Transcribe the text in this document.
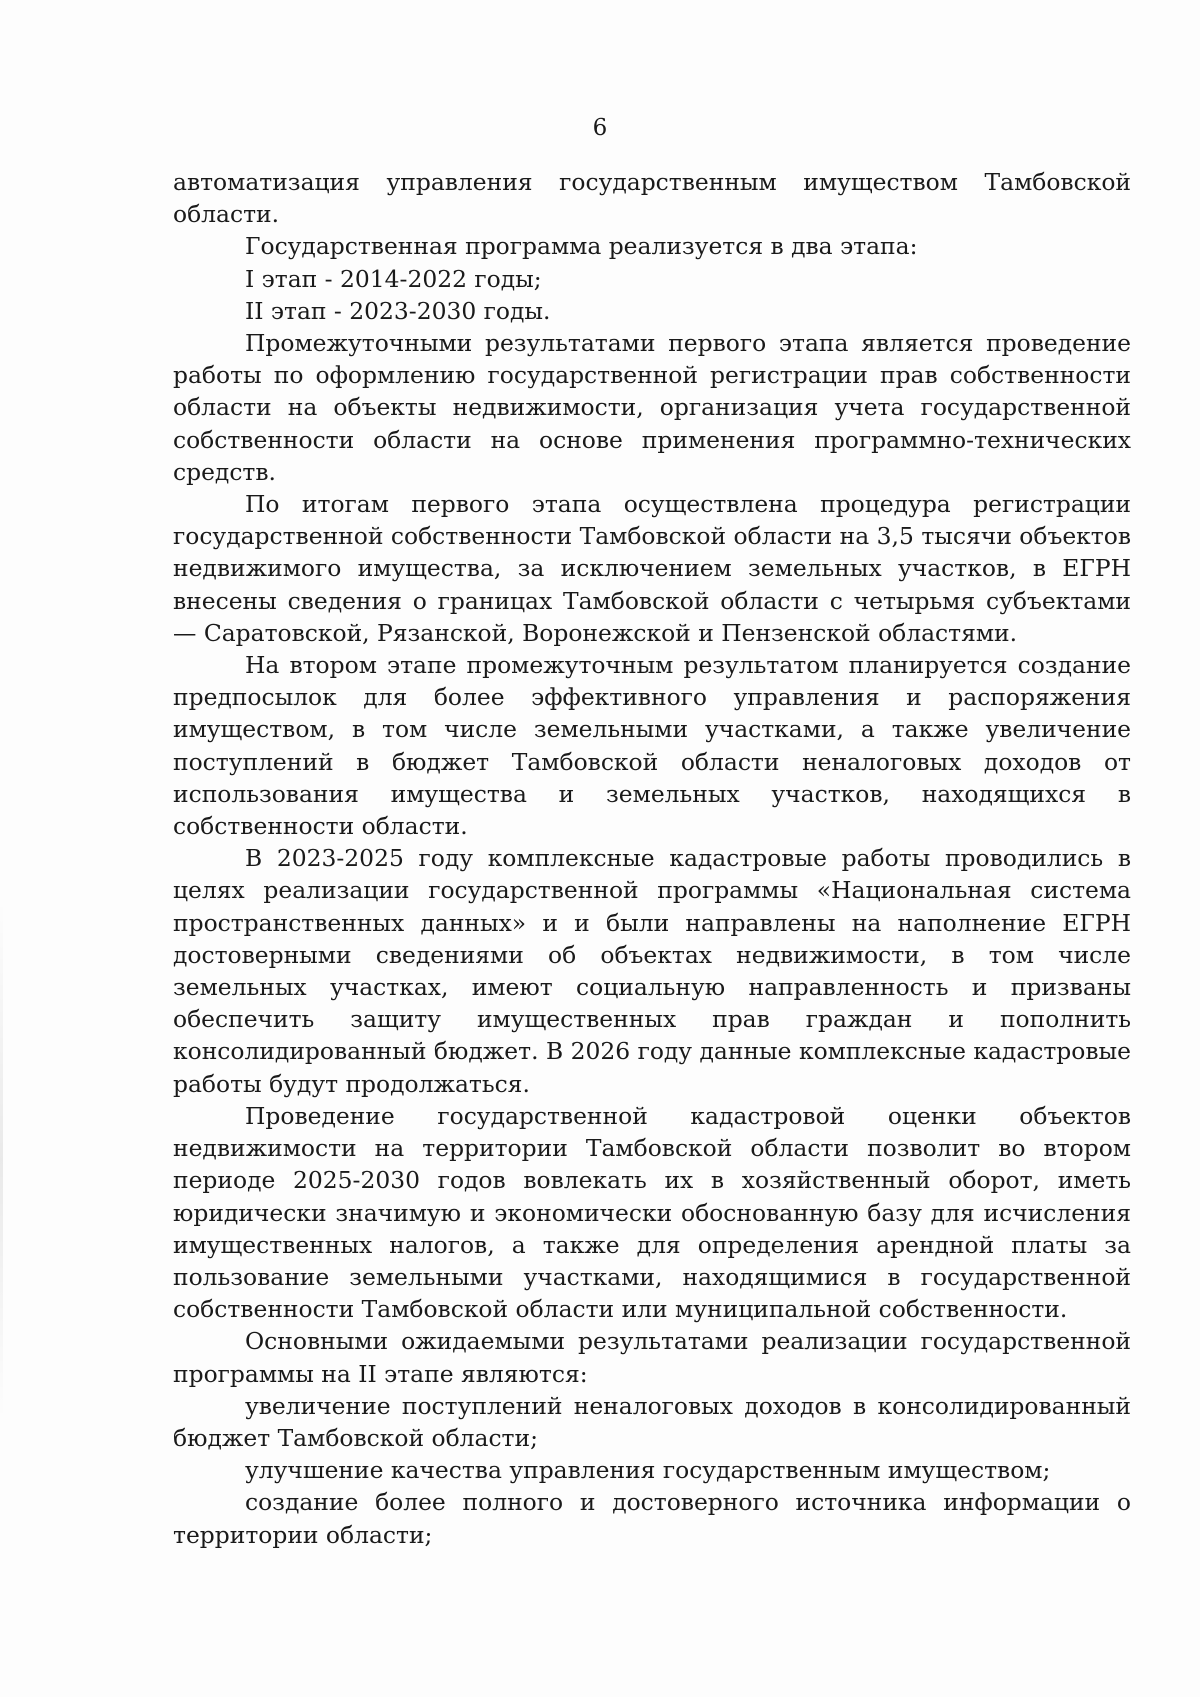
6

автоматизация управления государственным имуществом Тамбовской области.

Государственная программа реализуется в два этапа:

I этап - 2014-2022 годы;

II этап - 2023-2030 годы.

Промежуточными результатами первого этапа является проведение работы по оформлению государственной регистрации прав собственности области на объекты недвижимости, организация учета государственной собственности области на основе применения программно-технических средств.

По итогам первого этапа осуществлена процедура регистрации государственной собственности Тамбовской области на 3,5 тысячи объектов недвижимого имущества, за исключением земельных участков, в ЕГРН внесены сведения о границах Тамбовской области с четырьмя субъектами — Саратовской, Рязанской, Воронежской и Пензенской областями.

На втором этапе промежуточным результатом планируется создание предпосылок для более эффективного управления и распоряжения имуществом, в том числе земельными участками, а также увеличение поступлений в бюджет Тамбовской области неналоговых доходов от использования имущества и земельных участков, находящихся в собственности области.

В 2023-2025 году комплексные кадастровые работы проводились в целях реализации государственной программы «Национальная система пространственных данных» и и были направлены на наполнение ЕГРН достоверными сведениями об объектах недвижимости, в том числе земельных участках, имеют социальную направленность и призваны обеспечить защиту имущественных прав граждан и пополнить консолидированный бюджет. В 2026 году данные комплексные кадастровые работы будут продолжаться.

Проведение государственной кадастровой оценки объектов недвижимости на территории Тамбовской области позволит во втором периоде 2025-2030 годов вовлекать их в хозяйственный оборот, иметь юридически значимую и экономически обоснованную базу для исчисления имущественных налогов, а также для определения арендной платы за пользование земельными участками, находящимися в государственной собственности Тамбовской области или муниципальной собственности.

Основными ожидаемыми результатами реализации государственной программы на II этапе являются:

увеличение поступлений неналоговых доходов в консолидированный бюджет Тамбовской области;

улучшение качества управления государственным имуществом;

создание более полного и достоверного источника информации о территории области;
